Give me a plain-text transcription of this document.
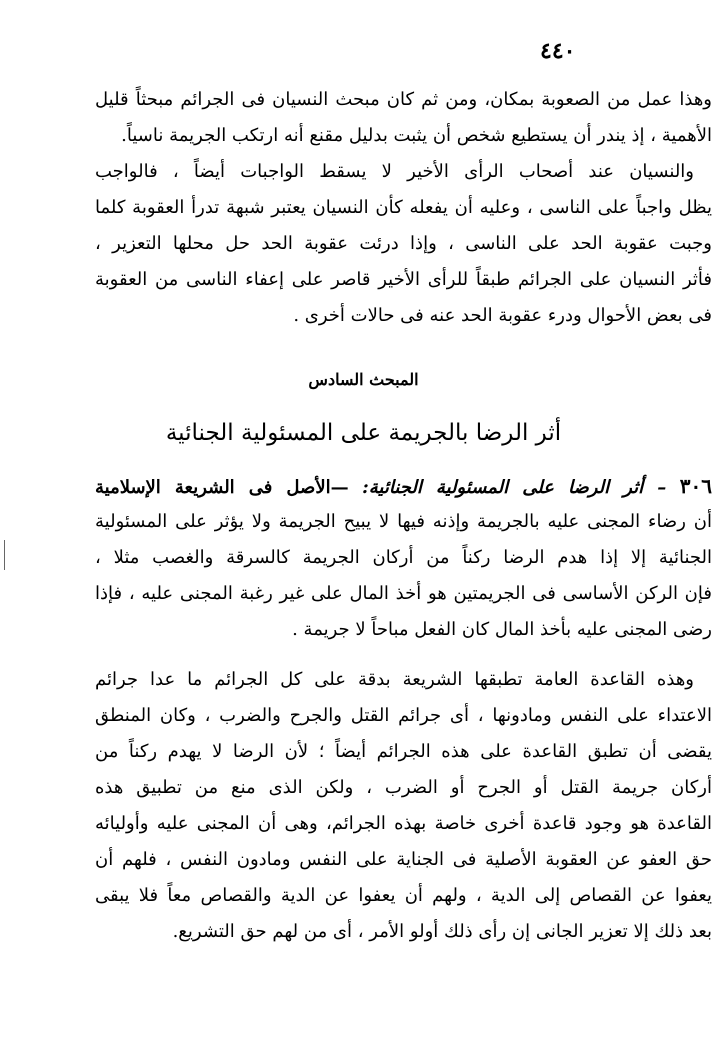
٤٤٠
وهذا عمل من الصعوبة بمكان، ومن ثم كان مبحث النسيان فى الجرائم مبحثاً قليل
الأهمية ، إذ يندر أن يستطيع شخص أن يثبت بدليل مقنع أنه ارتكب الجريمة ناسياً.
والنسيان عند أصحاب الرأى الأخير لا يسقط الواجبات أيضاً ، فالواجب
يظل واجباً على الناسى ، وعليه أن يفعله كأن النسيان يعتبر شبهة تدرأ العقوبة كلما
وجبت عقوبة الحد على الناسى ، وإذا درئت عقوبة الحد حل محلها التعزير ،
فأثر النسيان على الجرائم طبقاً للرأى الأخير قاصر على إعفاء الناسى من العقوبة
فى بعض الأحوال ودرء عقوبة الحد عنه فى حالات أخرى .
المبحث السادس
أثر الرضا بالجريمة على المسئولية الجنائية
٣٠٦ – أثر الرضا على المسئولية الجنائية: —الأصل فى الشريعة الإسلامية
أن رضاء المجنى عليه بالجريمة وإذنه فيها لا يبيح الجريمة ولا يؤثر على المسئولية
الجنائية إلا إذا هدم الرضا ركناً من أركان الجريمة كالسرقة والغصب مثلا ،
فإن الركن الأساسى فى الجريمتين هو أخذ المال على غير رغبة المجنى عليه ، فإذا
رضى المجنى عليه بأخذ المال كان الفعل مباحاً لا جريمة .
وهذه القاعدة العامة تطبقها الشريعة بدقة على كل الجرائم ما عدا جرائم
الاعتداء على النفس ومادونها ، أى جرائم القتل والجرح والضرب ، وكان المنطق
يقضى أن تطبق القاعدة على هذه الجرائم أيضاً ؛ لأن الرضا لا يهدم ركناً من
أركان جريمة القتل أو الجرح أو الضرب ، ولكن الذى منع من تطبيق هذه
القاعدة هو وجود قاعدة أخرى خاصة بهذه الجرائم، وهى أن المجنى عليه وأوليائه
حق العفو عن العقوبة الأصلية فى الجناية على النفس ومادون النفس ، فلهم أن
يعفوا عن القصاص إلى الدية ، ولهم أن يعفوا عن الدية والقصاص معاً فلا يبقى
بعد ذلك إلا تعزير الجانى إن رأى ذلك أولو الأمر ، أى من لهم حق التشريع.
